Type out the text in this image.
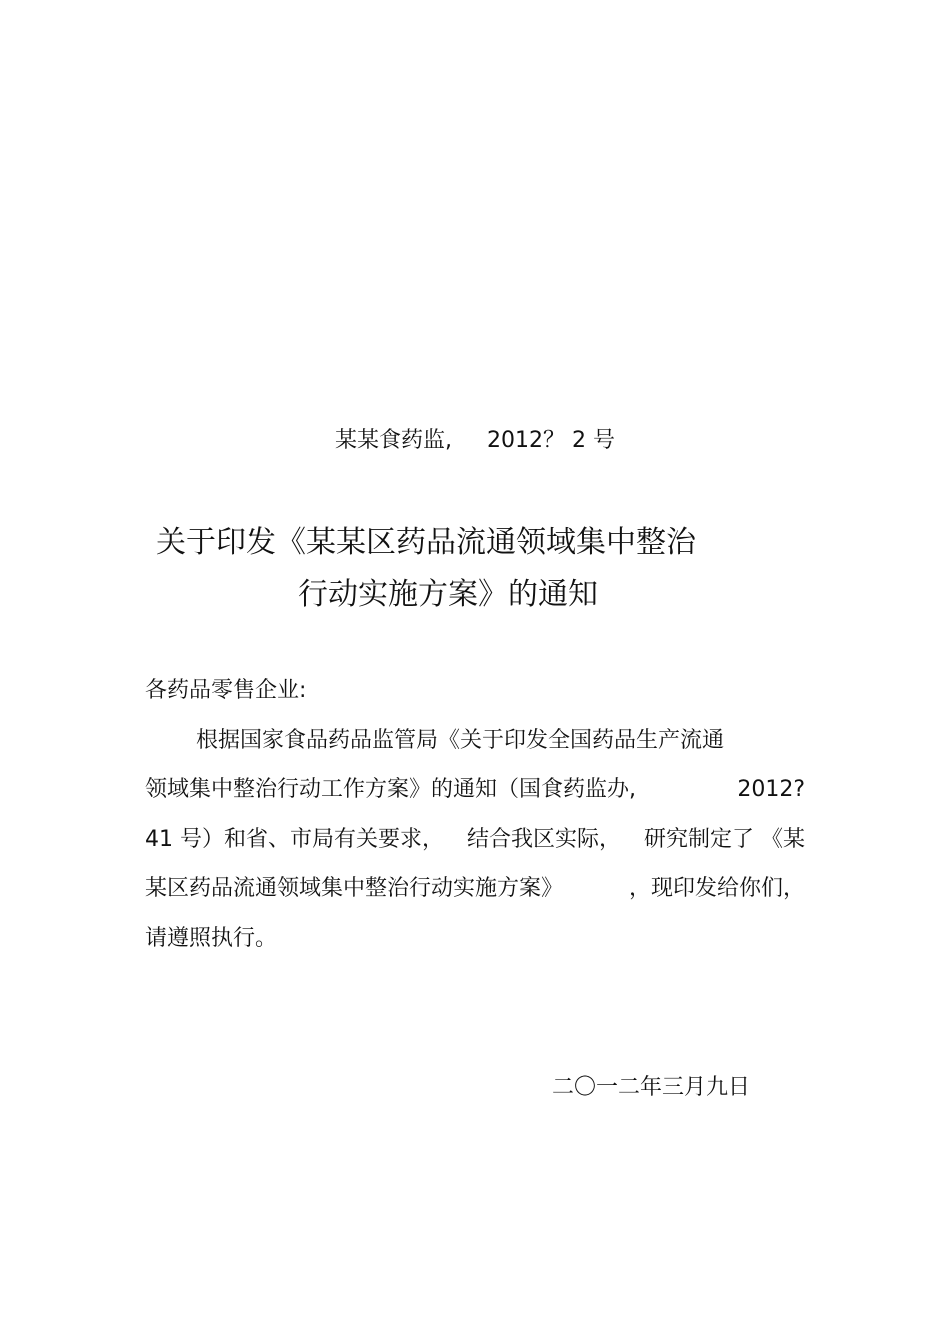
某某食药监,     2012？ 2 号
关于印发《某某区药品流通领域集中整治
行动实施方案》的通知
各药品零售企业:
根据国家食品药品监管局《关于印发全国药品生产流通
领域集中整治行动工作方案》的通知（国食药监办,	2012?
41 号）和省、市局有关要求， 结合我区实际， 研究制定了 《某
某区药品流通领域集中整治行动实施方案》	，现印发给你们，
请遵照执行。
二〇一二年三月九日
